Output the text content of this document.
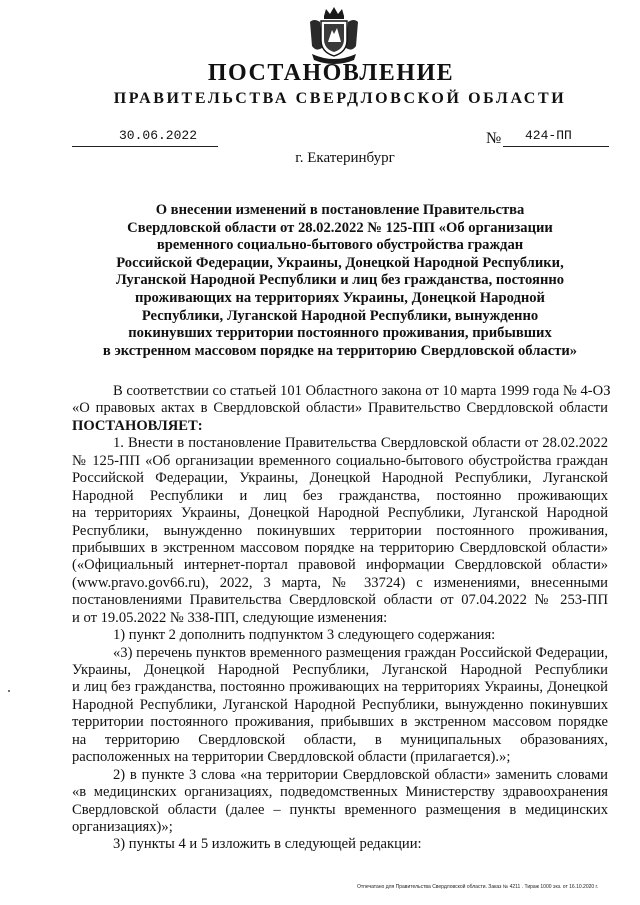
ПОСТАНОВЛЕНИЕ
ПРАВИТЕЛЬСТВА СВЕРДЛОВСКОЙ ОБЛАСТИ
30.06.2022	№ 424-ПП
г. Екатеринбург
О внесении изменений в постановление Правительства
Свердловской области от 28.02.2022 № 125-ПП «Об организации
временного социально-бытового обустройства граждан
Российской Федерации, Украины, Донецкой Народной Республики,
Луганской Народной Республики и лиц без гражданства, постоянно
проживающих на территориях Украины, Донецкой Народной
Республики, Луганской Народной Республики, вынужденно
покинувших территории постоянного проживания, прибывших
в экстренном массовом порядке на территорию Свердловской области»
В соответствии со статьей 101 Областного закона от 10 марта 1999 года № 4-ОЗ
«О правовых актах в Свердловской области» Правительство Свердловской области
ПОСТАНОВЛЯЕТ:
1. Внести в постановление Правительства Свердловской области от 28.02.2022
№ 125-ПП «Об организации временного социально-бытового обустройства граждан
Российской Федерации, Украины, Донецкой Народной Республики, Луганской
Народной Республики и лиц без гражданства, постоянно проживающих
на территориях Украины, Донецкой Народной Республики, Луганской Народной
Республики, вынужденно покинувших территории постоянного проживания,
прибывших в экстренном массовом порядке на территорию Свердловской области»
(«Официальный интернет-портал правовой информации Свердловской области»
(www.pravo.gov66.ru), 2022, 3 марта, № 33724) с изменениями, внесенными
постановлениями Правительства Свердловской области от 07.04.2022 № 253-ПП
и от 19.05.2022 № 338-ПП, следующие изменения:
1) пункт 2 дополнить подпунктом 3 следующего содержания:
«3) перечень пунктов временного размещения граждан Российской Федерации,
Украины, Донецкой Народной Республики, Луганской Народной Республики
и лиц без гражданства, постоянно проживающих на территориях Украины, Донецкой
Народной Республики, Луганской Народной Республики, вынужденно покинувших
территории постоянного проживания, прибывших в экстренном массовом порядке
на территорию Свердловской области, в муниципальных образованиях,
расположенных на территории Свердловской области (прилагается).»;
2) в пункте 3 слова «на территории Свердловской области» заменить словами
«в медицинских организациях, подведомственных Министерству здравоохранения
Свердловской области (далее – пункты временного размещения в медицинских
организациях)»;
3) пункты 4 и 5 изложить в следующей редакции:
Отпечатано для Правительства Свердловской области. Заказ № 4211 . Тираж 1000 экз. от 16.10.2020 г.
